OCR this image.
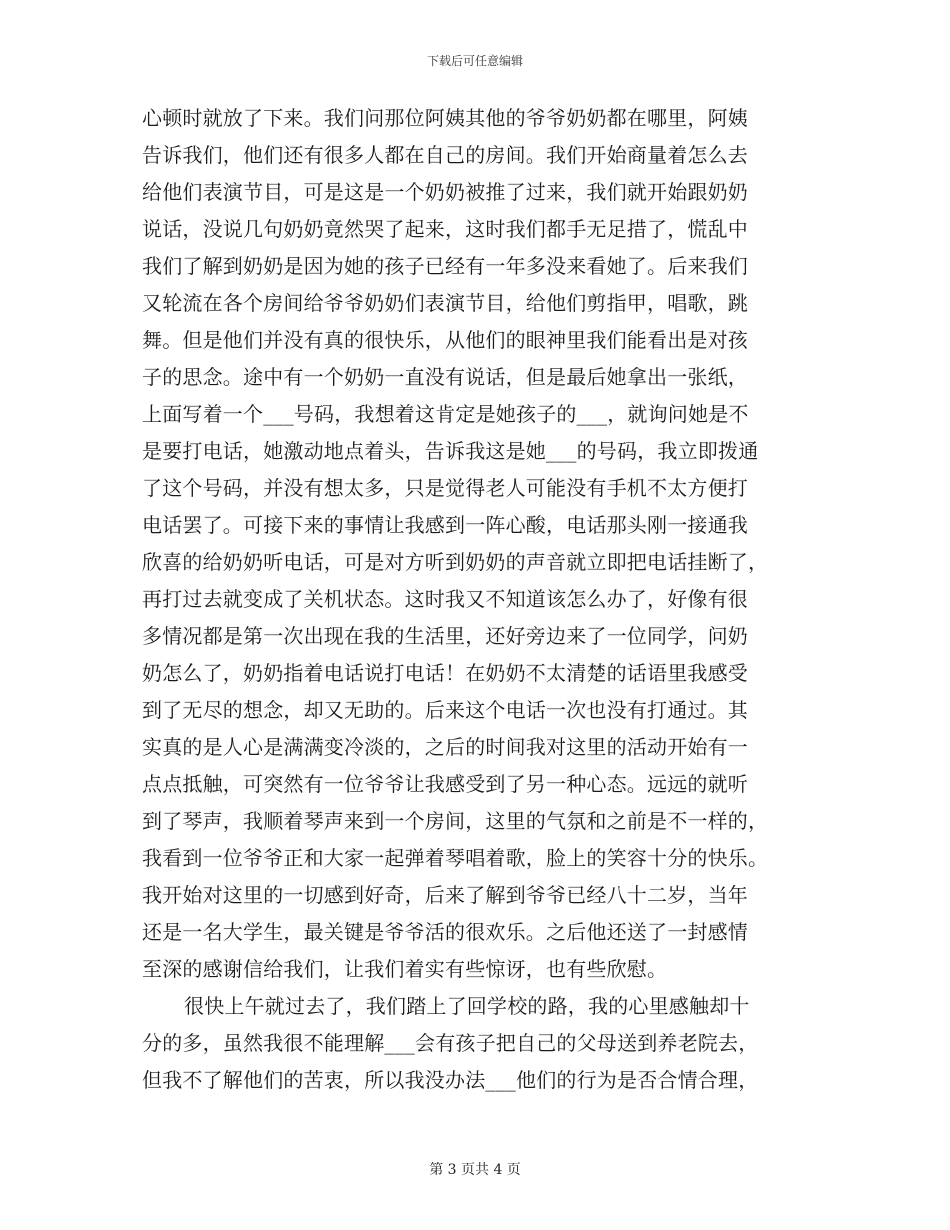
下载后可任意编辑
心顿时就放了下来。我们问那位阿姨其他的爷爷奶奶都在哪里，阿姨
告诉我们，他们还有很多人都在自己的房间。我们开始商量着怎么去
给他们表演节目，可是这是一个奶奶被推了过来，我们就开始跟奶奶
说话，没说几句奶奶竟然哭了起来，这时我们都手无足措了，慌乱中
我们了解到奶奶是因为她的孩子已经有一年多没来看她了。后来我们
又轮流在各个房间给爷爷奶奶们表演节目，给他们剪指甲，唱歌，跳
舞。但是他们并没有真的很快乐，从他们的眼神里我们能看出是对孩
子的思念。途中有一个奶奶一直没有说话，但是最后她拿出一张纸，
上面写着一个___号码，我想着这肯定是她孩子的___，就询问她是不
是要打电话，她激动地点着头，告诉我这是她___的号码，我立即拨通
了这个号码，并没有想太多，只是觉得老人可能没有手机不太方便打
电话罢了。可接下来的事情让我感到一阵心酸，电话那头刚一接通我
欣喜的给奶奶听电话，可是对方听到奶奶的声音就立即把电话挂断了，
再打过去就变成了关机状态。这时我又不知道该怎么办了，好像有很
多情况都是第一次出现在我的生活里，还好旁边来了一位同学，问奶
奶怎么了，奶奶指着电话说打电话！在奶奶不太清楚的话语里我感受
到了无尽的想念，却又无助的。后来这个电话一次也没有打通过。其
实真的是人心是满满变冷淡的，之后的时间我对这里的活动开始有一
点点抵触，可突然有一位爷爷让我感受到了另一种心态。远远的就听
到了琴声，我顺着琴声来到一个房间，这里的气氛和之前是不一样的，
我看到一位爷爷正和大家一起弹着琴唱着歌，脸上的笑容十分的快乐。
我开始对这里的一切感到好奇，后来了解到爷爷已经八十二岁，当年
还是一名大学生，最关键是爷爷活的很欢乐。之后他还送了一封感情
至深的感谢信给我们，让我们着实有些惊讶，也有些欣慰。
很快上午就过去了，我们踏上了回学校的路，我的心里感触却十
分的多，虽然我很不能理解___会有孩子把自己的父母送到养老院去，
但我不了解他们的苦衷，所以我没办法___他们的行为是否合情合理，
第 3 页共 4 页
